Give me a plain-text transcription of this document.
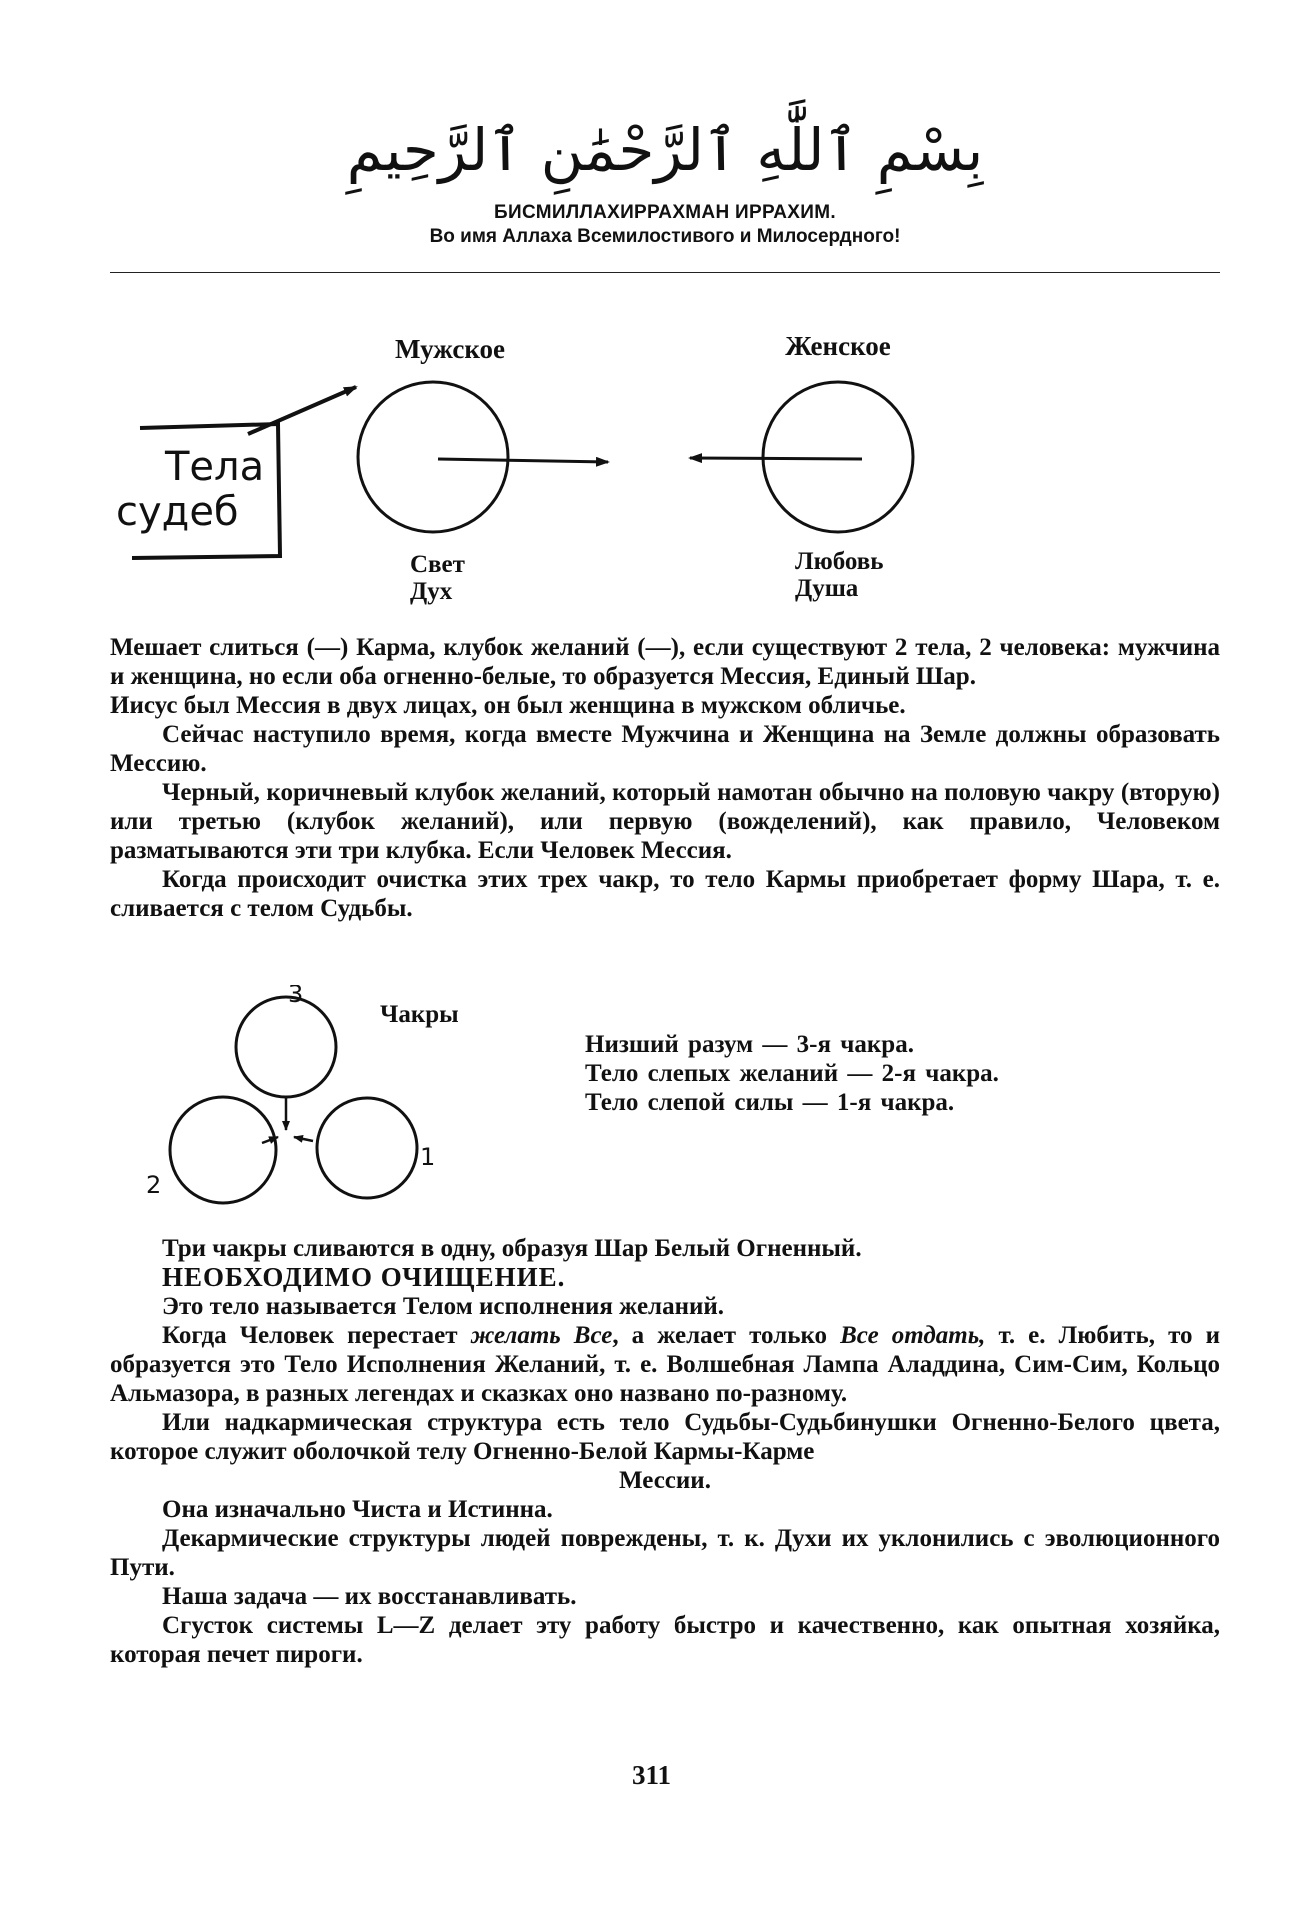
بِسْمِ ٱللَّٰهِ ٱلرَّحْمَٰنِ ٱلرَّحِيمِ
БИСМИЛЛАХИРРАХМАН ИРРАХИМ.
Во имя Аллаха Всемилостивого и Милосердного!
Мужское	Женское
Тела
судеб
Свет
Дух
Любовь
Душа

Мешает слиться (—) Карма, клубок желаний (—), если существуют 2 тела, 2 человека: мужчина и женщина, но если оба огненно-белые, то образуется Мессия, Единый Шар.

Иисус был Мессия в двух лицах, он был женщина в мужском обличье.

Сейчас наступило время, когда вместе Мужчина и Женщина на Земле должны образовать Мессию.

Черный, коричневый клубок желаний, который намотан обычно на половую чакру (вторую) или третью (клубок желаний), или первую (вожделений), как правило, Человеком разматываются эти три клубка. Если Человек Мессия.

Когда происходит очистка этих трех чакр, то тело Кармы приобретает форму Шара, т. е. сливается с телом Судьбы.

3
2
1
Чакры
Низший разум — 3-я чакра.
Тело слепых желаний — 2-я чакра.
Тело слепой силы — 1-я чакра.

Три чакры сливаются в одну, образуя Шар Белый Огненный.

НЕОБХОДИМО ОЧИЩЕНИЕ.

Это тело называется Телом исполнения желаний.

Когда Человек перестает желать Все, а желает только Все отдать, т. е. Любить, то и образуется это Тело Исполнения Желаний, т. е. Волшебная Лампа Аладдина, Сим-Сим, Кольцо Альмазора, в разных легендах и сказках оно названо по-разному.

Или надкармическая структура есть тело Судьбы-Судьбинушки Огненно-Белого цвета, которое служит оболочкой телу Огненно-Белой Кармы-Карме

Мессии.

Она изначально Чиста и Истинна.

Декармические структуры людей повреждены, т. к. Духи их уклонились с эволюционного Пути.

Наша задача — их восстанавливать.

Сгусток системы L—Z делает эту работу быстро и качественно, как опытная хозяйка, которая печет пироги.

311
